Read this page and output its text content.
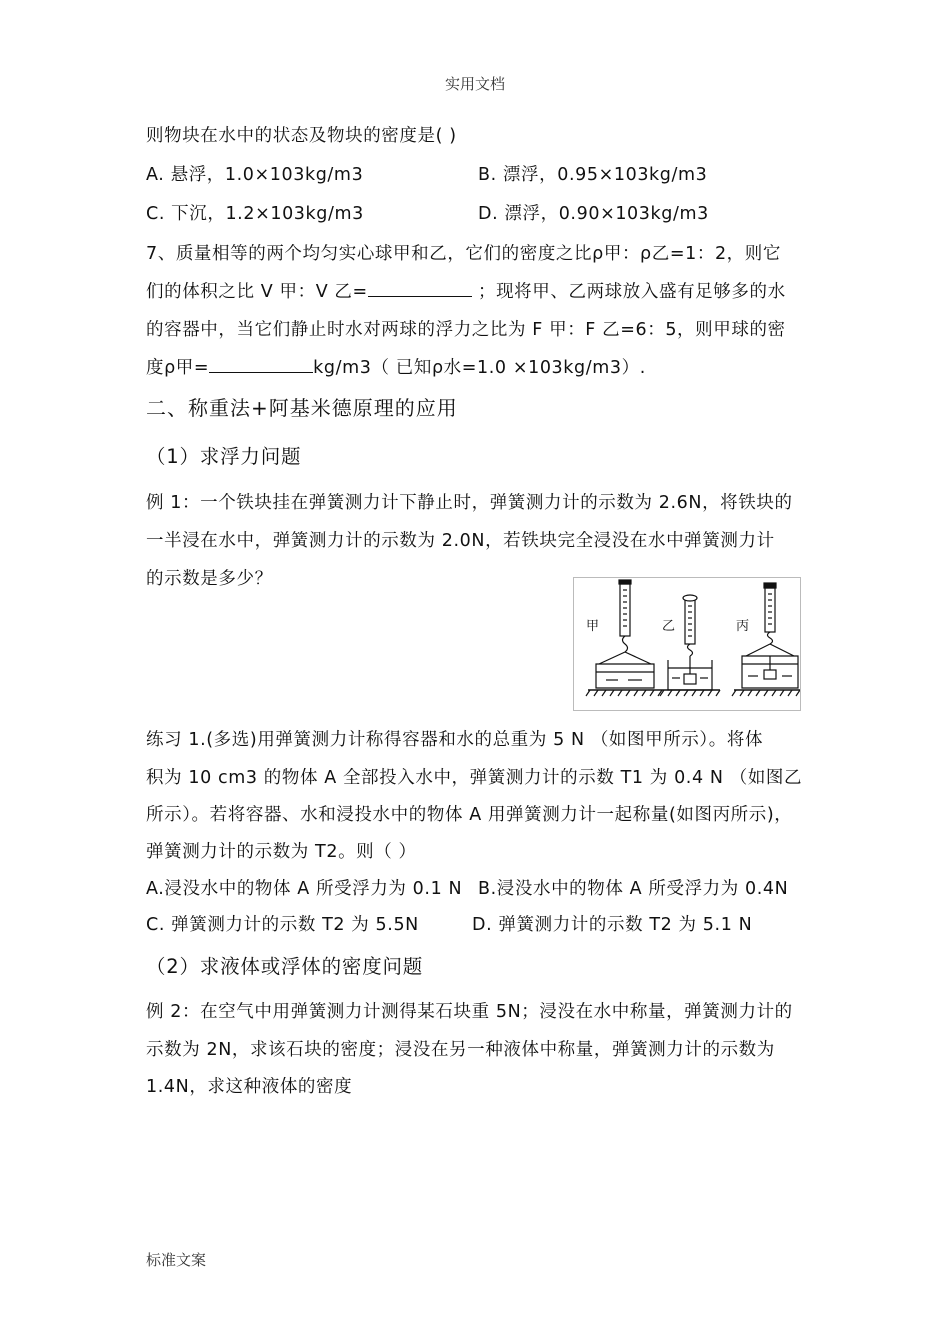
实用文档
则物块在水中的状态及物块的密度是( )
A. 悬浮，1.0×103kg/m3	B. 漂浮，0.95×103kg/m3
C. 下沉，1.2×103kg/m3	D. 漂浮，0.90×103kg/m3
7、质量相等的两个均匀实心球甲和乙，它们的密度之比ρ甲：ρ乙=1：2，则它
们的体积之比 V 甲：V 乙=	；现将甲、乙两球放入盛有足够多的水
的容器中，当它们静止时水对两球的浮力之比为 F 甲：F 乙=6：5，则甲球的密
度ρ甲=	kg/m3（ 已知ρ水=1.0 ×103kg/m3）.
二、称重法+阿基米德原理的应用
（1）求浮力问题
例 1：一个铁块挂在弹簧测力计下静止时，弹簧测力计的示数为 2.6N，将铁块的
一半浸在水中，弹簧测力计的示数为 2.0N，若铁块完全浸没在水中弹簧测力计
的示数是多少？
甲	乙	丙
练习 1.(多选)用弹簧测力计称得容器和水的总重为 5 N （如图甲所示）。将体
积为 10 cm3 的物体 A 全部投入水中，弹簧测力计的示数 T1 为 0.4 N （如图乙
所示）。若将容器、水和浸投水中的物体 A 用弹簧测力计一起称量(如图丙所示)，
弹簧测力计的示数为 T2。则（ ）
A.浸没水中的物体 A 所受浮力为 0.1 N B.浸没水中的物体 A 所受浮力为 0.4N
C. 弹簧测力计的示数 T2 为 5.5N	D. 弹簧测力计的示数 T2 为 5.1 N
（2）求液体或浮体的密度问题
例 2：在空气中用弹簧测力计测得某石块重 5N；浸没在水中称量，弹簧测力计的
示数为 2N，求该石块的密度；浸没在另一种液体中称量，弹簧测力计的示数为
1.4N，求这种液体的密度
标准文案
